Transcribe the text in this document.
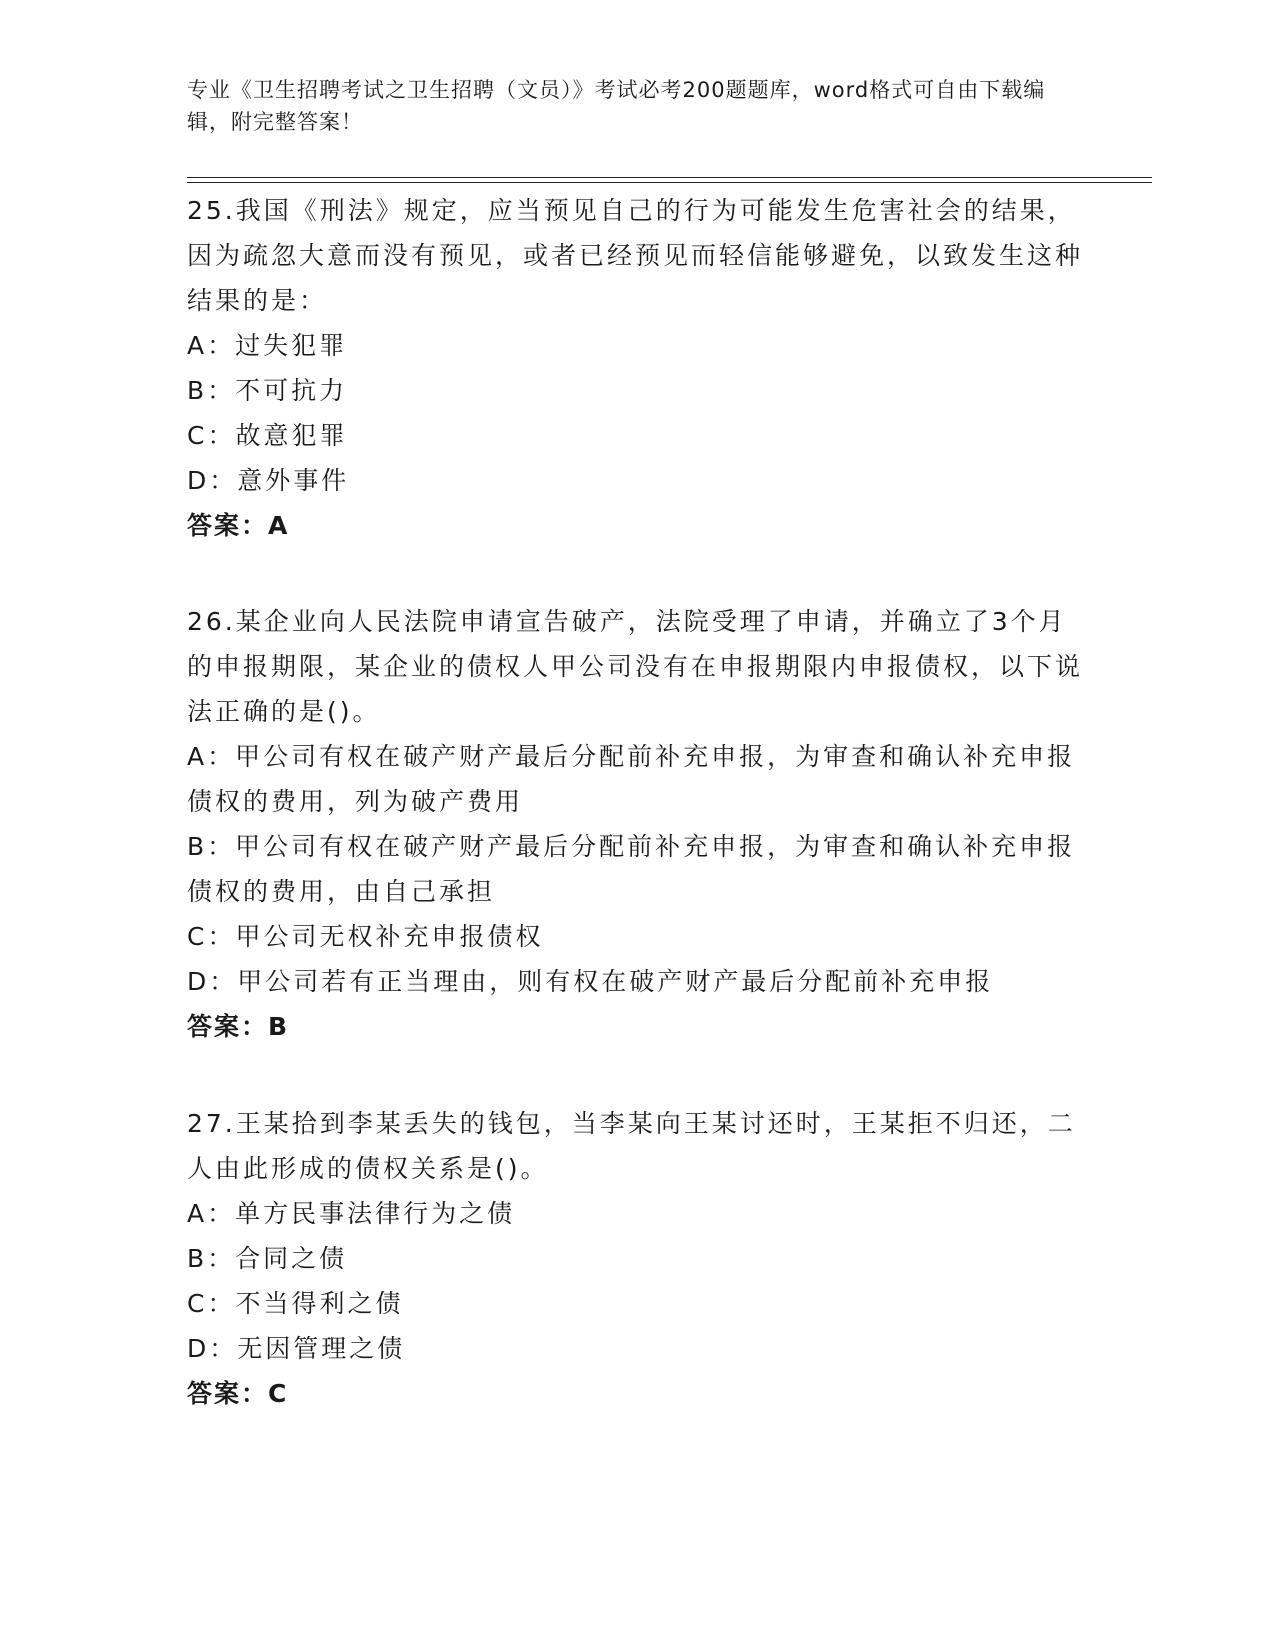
专业《卫生招聘考试之卫生招聘（文员）》考试必考200题题库，word格式可自由下载编辑，附完整答案！
25.我国《刑法》规定，应当预见自己的行为可能发生危害社会的结果，因为疏忽大意而没有预见，或者已经预见而轻信能够避免，以致发生这种结果的是：
A：过失犯罪
B：不可抗力
C：故意犯罪
D：意外事件
答案：A
26.某企业向人民法院申请宣告破产，法院受理了申请，并确立了3个月的申报期限，某企业的债权人甲公司没有在申报期限内申报债权，以下说法正确的是()。
A：甲公司有权在破产财产最后分配前补充申报，为审查和确认补充申报债权的费用，列为破产费用
B：甲公司有权在破产财产最后分配前补充申报，为审查和确认补充申报债权的费用，由自己承担
C：甲公司无权补充申报债权
D：甲公司若有正当理由，则有权在破产财产最后分配前补充申报
答案：B
27.王某拾到李某丢失的钱包，当李某向王某讨还时，王某拒不归还，二人由此形成的债权关系是()。
A：单方民事法律行为之债
B：合同之债
C：不当得利之债
D：无因管理之债
答案：C
